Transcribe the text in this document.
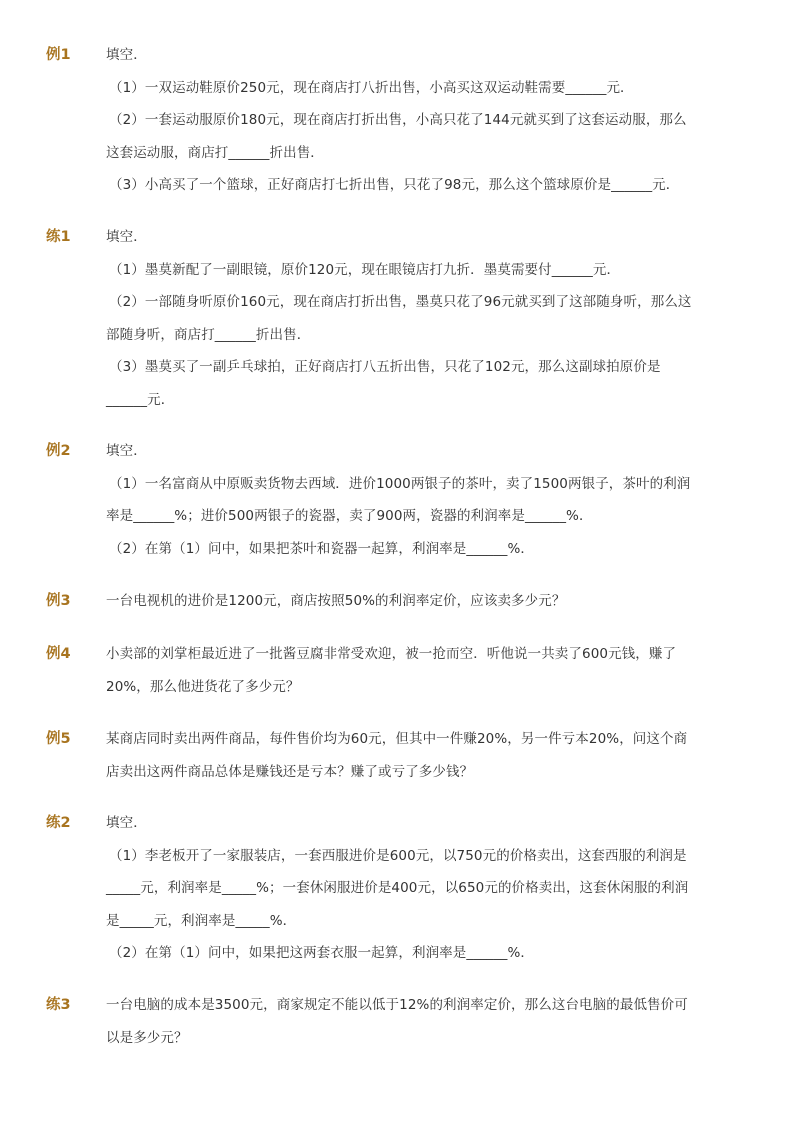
例1	填空．
（1）一双运动鞋原价250元，现在商店打八折出售，小高买这双运动鞋需要______元．
（2）一套运动服原价180元，现在商店打折出售，小高只花了144元就买到了这套运动服，那么
这套运动服，商店打______折出售．
（3）小高买了一个篮球，正好商店打七折出售，只花了98元，那么这个篮球原价是______元．
练1	填空．
（1）墨莫新配了一副眼镜，原价120元，现在眼镜店打九折．墨莫需要付______元．
（2）一部随身听原价160元，现在商店打折出售，墨莫只花了96元就买到了这部随身听，那么这
部随身听，商店打______折出售．
（3）墨莫买了一副乒乓球拍，正好商店打八五折出售，只花了102元，那么这副球拍原价是
______元．
例2	填空．
（1）一名富商从中原贩卖货物去西域．进价1000两银子的茶叶，卖了1500两银子，茶叶的利润
率是______%；进价500两银子的瓷器，卖了900两，瓷器的利润率是______%．
（2）在第（1）问中，如果把茶叶和瓷器一起算，利润率是______%．
例3	一台电视机的进价是1200元，商店按照50%的利润率定价，应该卖多少元？
例4	小卖部的刘掌柜最近进了一批酱豆腐非常受欢迎，被一抢而空．听他说一共卖了600元钱，赚了
20%，那么他进货花了多少元？
例5	某商店同时卖出两件商品，每件售价均为60元，但其中一件赚20%，另一件亏本20%，问这个商
店卖出这两件商品总体是赚钱还是亏本？赚了或亏了多少钱？
练2	填空．
（1）李老板开了一家服装店，一套西服进价是600元，以750元的价格卖出，这套西服的利润是
_____元，利润率是_____%；一套休闲服进价是400元，以650元的价格卖出，这套休闲服的利润
是_____元，利润率是_____%．
（2）在第（1）问中，如果把这两套衣服一起算，利润率是______%．
练3	一台电脑的成本是3500元，商家规定不能以低于12%的利润率定价，那么这台电脑的最低售价可
以是多少元？
